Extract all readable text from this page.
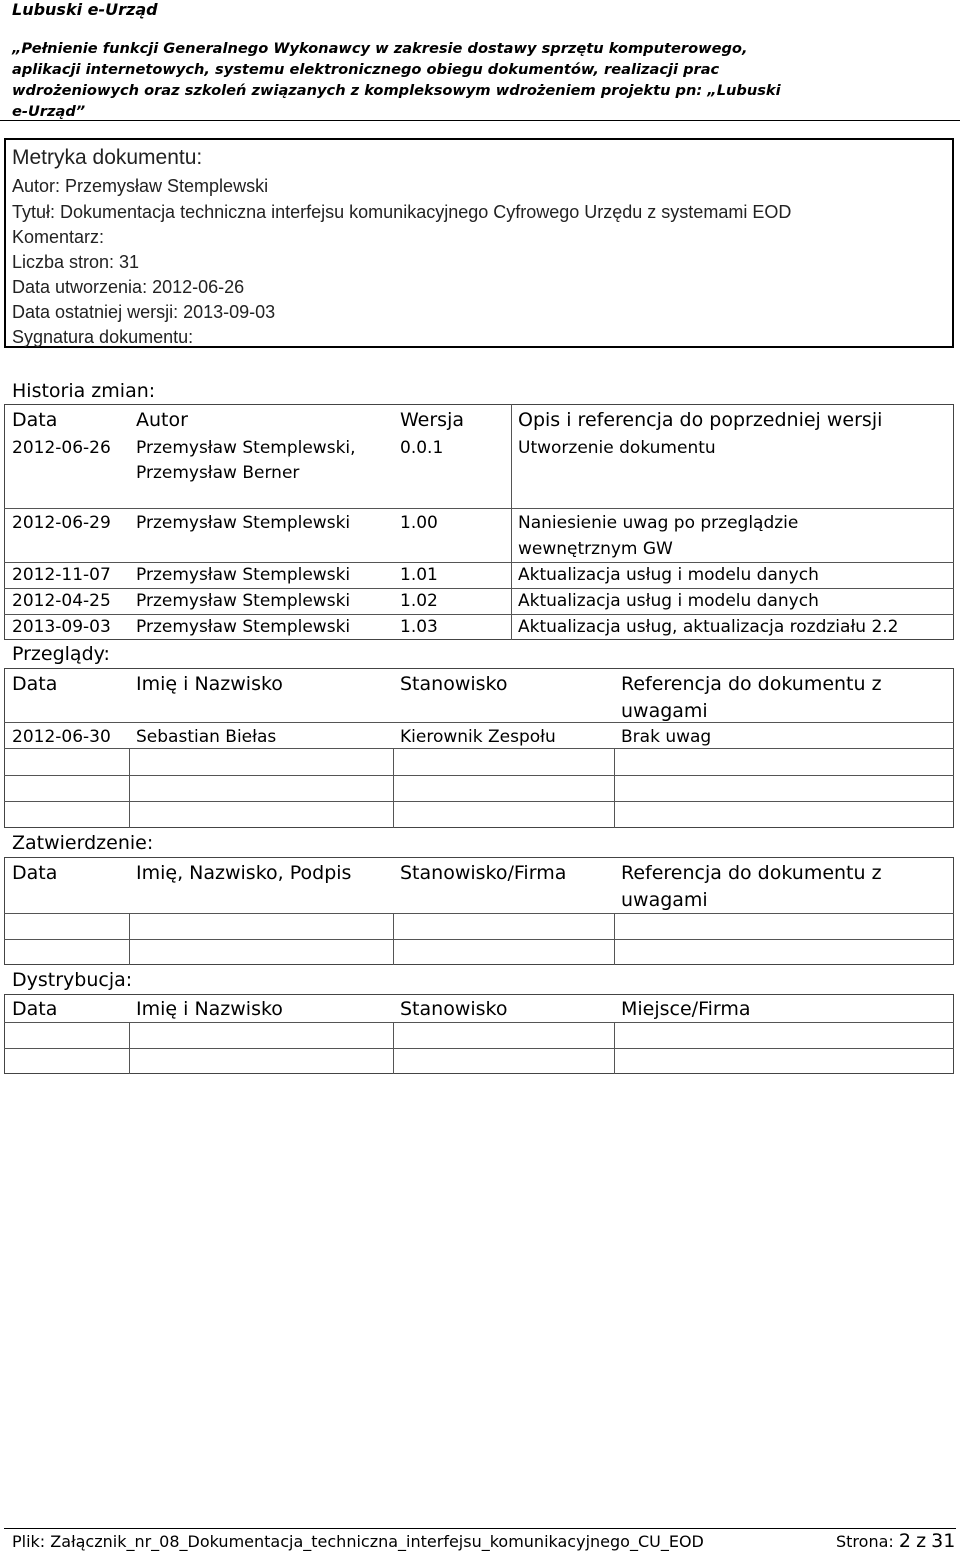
Lubuski e-Urząd
„Pełnienie funkcji Generalnego Wykonawcy w zakresie dostawy sprzętu komputerowego,
aplikacji internetowych, systemu elektronicznego obiegu dokumentów, realizacji prac
wdrożeniowych oraz szkoleń związanych z kompleksowym wdrożeniem projektu pn: „Lubuski
e-Urząd”
Metryka dokumentu:
Autor: Przemysław Stemplewski
Tytuł: Dokumentacja techniczna interfejsu komunikacyjnego Cyfrowego Urzędu z systemami EOD
Komentarz:
Liczba stron: 31
Data utworzenia: 2012-06-26
Data ostatniej wersji: 2013-09-03
Sygnatura dokumentu:
Historia zmian:
Data	Autor	Wersja	Opis i referencja do poprzedniej wersji
2012-06-26 Przemysław Stemplewski,	0.0.1	Utworzenie dokumentu
Przemysław Berner
2012-06-29 Przemysław Stemplewski	1.00	Naniesienie uwag po przeglądzie
wewnętrznym GW
2012-11-07 Przemysław Stemplewski	1.01	Aktualizacja usług i modelu danych
2012-04-25 Przemysław Stemplewski	1.02	Aktualizacja usług i modelu danych
2013-09-03 Przemysław Stemplewski	1.03	Aktualizacja usług, aktualizacja rozdziału 2.2
Przeglądy:
Data	Imię i Nazwisko	Stanowisko	Referencja do dokumentu z
uwagami
2012-06-30 Sebastian Biełas	Kierownik Zespołu	Brak uwag
Zatwierdzenie:
Data	Imię, Nazwisko, Podpis	Stanowisko/Firma	Referencja do dokumentu z
uwagami
Dystrybucja:
Data	Imię i Nazwisko	Stanowisko	Miejsce/Firma
Plik: Załącznik_nr_08_Dokumentacja_techniczna_interfejsu_komunikacyjnego_CU_EOD	Strona: 2 z 31
